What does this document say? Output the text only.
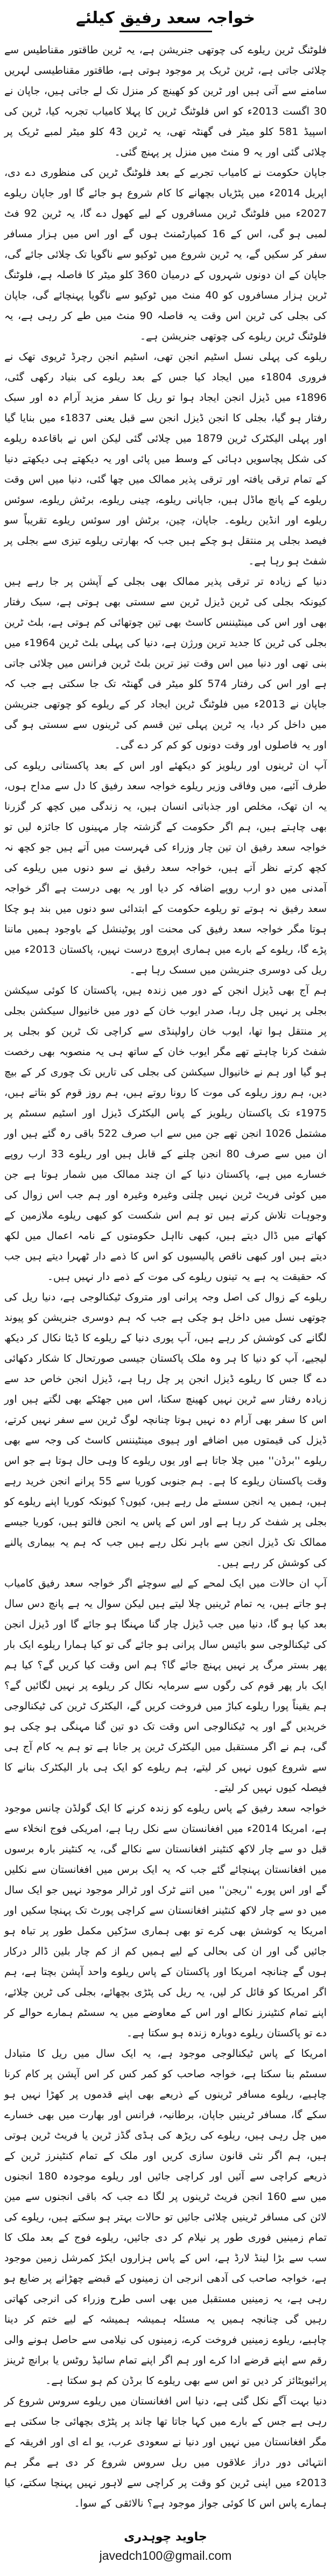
خواجہ سعد رفیق کیلئے

فلوٹنگ ٹرین ریلوے کی چوتھی جنریشن ہے، یہ ٹرین طاقتور مقناطیس سے چلائی جاتی ہے، ٹرین ٹریک پر موجود ہوتی ہے، طاقتور مقناطیسی لہریں سامنے سے آتی ہیں اور ٹرین کو کھینچ کر منزل تک لے جاتی ہیں، جاپان نے 30 اگست 2013ء کو اس فلوٹنگ ٹرین کا پہلا کامیاب تجربہ کیا، ٹرین کی اسپیڈ 581 کلو میٹر فی گھنٹہ تھی، یہ ٹرین 43 کلو میٹر لمبے ٹریک پر چلائی گئی اور یہ 9 منٹ میں منزل پر پہنچ گئی۔

جاپان حکومت نے کامیاب تجربے کے بعد فلوٹنگ ٹرین کی منظوری دے دی، اپریل 2014ء میں پٹڑیاں بچھانے کا کام شروع ہو جائے گا اور جاپان ریلوے 2027ء میں فلوٹنگ ٹرین مسافروں کے لیے کھول دے گا، یہ ٹرین 92 فٹ لمبی ہو گی، اس کے 16 کمپارٹمنٹ ہوں گے اور اس میں ہزار مسافر سفر کر سکیں گے، یہ ٹرین شروع میں ٹوکیو سے ناگویا تک چلائی جائے گی، جاپان کے ان دونوں شہروں کے درمیان 360 کلو میٹر کا فاصلہ ہے، فلوٹنگ ٹرین ہزار مسافروں کو 40 منٹ میں ٹوکیو سے ناگویا پہنچائے گی، جاپان کی بجلی کی ٹرین اس وقت یہ فاصلہ 90 منٹ میں طے کر رہی ہے، یہ فلوٹنگ ٹرین ریلوے کی چوتھی جنریشن ہے۔

ریلوے کی پہلی نسل اسٹیم انجن تھی، اسٹیم انجن رچرڈ ٹریوی تھک نے فروری 1804ء میں ایجاد کیا جس کے بعد ریلوے کی بنیاد رکھی گئی، 1896ء میں ڈیزل انجن ایجاد ہوا تو ریل کا سفر مزید آرام دہ اور سبک رفتار ہو گیا، بجلی کا انجن ڈیزل انجن سے قبل یعنی 1837ء میں بنایا گیا اور پہلی الیکٹرک ٹرین 1879 میں چلائی گئی لیکن اس نے باقاعدہ ریلوے کی شکل پچاسویں دہائی کے وسط میں پائی اور یہ دیکھتے ہی دیکھتے دنیا کے تمام ترقی یافتہ اور ترقی پذیر ممالک میں چھا گئی، دنیا میں اس وقت ریلوے کے پانچ ماڈل ہیں، جاپانی ریلوے، چینی ریلوے، برٹش ریلوے، سوئس ریلوے اور انڈین ریلوے۔ جاپان، چین، برٹش اور سوئس ریلوے تقریباً سو فیصد بجلی پر منتقل ہو چکے ہیں جب کہ بھارتی ریلوے تیزی سے بجلی پر شفٹ ہو رہا ہے۔

دنیا کے زیادہ تر ترقی پذیر ممالک بھی بجلی کے آپشن پر جا رہے ہیں کیونکہ بجلی کی ٹرین ڈیزل ٹرین سے سستی بھی ہوتی ہے، سبک رفتار بھی اور اس کی مینٹیننس کاسٹ بھی تین چوتھائی کم ہوتی ہے، بلٹ ٹرین بجلی کی ٹرین کا جدید ترین ورژن ہے، دنیا کی پہلی بلٹ ٹرین 1964ء میں بنی تھی اور دنیا میں اس وقت تیز ترین بلٹ ٹرین فرانس میں چلائی جاتی ہے اور اس کی رفتار 574 کلو میٹر فی گھنٹہ تک جا سکتی ہے جب کہ جاپان نے 2013ء میں فلوٹنگ ٹرین ایجاد کر کے ریلوے کو چوتھی جنریشن میں داخل کر دیا، یہ ٹرین پہلی تین قسم کی ٹرینوں سے سستی ہو گی اور یہ فاصلوں اور وقت دونوں کو کم کر دے گی۔

آپ ان ٹرینوں اور ریلویز کو دیکھئے اور اس کے بعد پاکستانی ریلوے کی طرف آئیے، میں وفاقی وزیر ریلوے خواجہ سعد رفیق کا دل سے مداح ہوں، یہ ان تھک، مخلص اور جذباتی انسان ہیں، یہ زندگی میں کچھ کر گزرنا بھی چاہتے ہیں، ہم اگر حکومت کے گزشتہ چار مہینوں کا جائزہ لیں تو خواجہ سعد رفیق ان تین چار وزراء کی فہرست میں آتے ہیں جو کچھ نہ کچھ کرتے نظر آتے ہیں، خواجہ سعد رفیق نے سو دنوں میں ریلوے کی آمدنی میں دو ارب روپے اضافہ کر دیا اور یہ بھی درست ہے اگر خواجہ سعد رفیق نہ ہوتے تو ریلوے حکومت کے ابتدائی سو دنوں میں بند ہو چکا ہوتا مگر خواجہ سعد رفیق کی محنت اور پوٹینشل کے باوجود ہمیں ماننا پڑے گا، ریلوے کے بارے میں ہماری اپروچ درست نہیں، پاکستان 2013ء میں ریل کی دوسری جنریشن میں سسک رہا ہے۔

ہم آج بھی ڈیزل انجن کے دور میں زندہ ہیں، پاکستان کا کوئی سیکشن بجلی پر نہیں چل رہا، صدر ایوب خان کے دور میں خانیوال سیکشن بجلی پر منتقل ہوا تھا، ایوب خان راولپنڈی سے کراچی تک ٹرین کو بجلی پر شفٹ کرنا چاہتے تھے مگر ایوب خان کے ساتھ ہی یہ منصوبہ بھی رخصت ہو گیا اور ہم نے خانیوال سیکشن کی بجلی کی تاریں تک چوری کر کے بیچ دیں، ہم روز ریلوے کی موت کا رونا روتے ہیں، ہم روز قوم کو بتاتے ہیں، 1975ء تک پاکستان ریلویز کے پاس الیکٹرک ڈیزل اور اسٹیم سسٹم پر مشتمل 1026 انجن تھے جن میں سے اب صرف 522 باقی رہ گئے ہیں اور ان میں سے صرف 80 انجن چلنے کے قابل ہیں اور ریلوے 33 ارب روپے خسارے میں ہے، پاکستان دنیا کے ان چند ممالک میں شمار ہوتا ہے جن میں کوئی فریٹ ٹرین نہیں چلتی وغیرہ وغیرہ اور ہم جب اس زوال کی وجوہات تلاش کرتے ہیں تو ہم اس شکست کو کبھی ریلوے ملازمین کے کھاتے میں ڈال دیتے ہیں، کبھی نااہل حکومتوں کے نامہ اعمال میں لکھ دیتے ہیں اور کبھی ناقص پالیسیوں کو اس کا ذمے دار ٹھہرا دیتے ہیں جب کہ حقیقت یہ ہے یہ تینوں ریلوے کی موت کے ذمے دار نہیں ہیں۔

ریلوے کے زوال کی اصل وجہ پرانی اور متروک ٹیکنالوجی ہے، دنیا ریل کی چوتھی نسل میں داخل ہو چکی ہے جب کہ ہم دوسری جنریشن کو پیوند لگانے کی کوشش کر رہے ہیں، آپ پوری دنیا کے ریلوے کا ڈیٹا نکال کر دیکھ لیجیے، آپ کو دنیا کا ہر وہ ملک پاکستان جیسی صورتحال کا شکار دکھائی دے گا جس کا ریلوے ڈیزل انجن پر چل رہا ہے، ڈیزل انجن خاص حد سے زیادہ رفتار سے ٹرین نہیں کھینچ سکتا، اس میں جھٹکے بھی لگتے ہیں اور اس کا سفر بھی آرام دہ نہیں ہوتا چنانچہ لوگ ٹرین سے سفر نہیں کرتے، ڈیزل کی قیمتوں میں اضافے اور ہیوی مینٹیننس کاسٹ کی وجہ سے بھی ریلوے ''برڈن'' میں چلا جاتا ہے اور یوں ریلوے کا وہی حال ہوتا ہے جو اس وقت پاکستان ریلوے کا ہے۔ ہم جنوبی کوریا سے 55 پرانے انجن خرید رہے ہیں، ہمیں یہ انجن سستے مل رہے ہیں، کیوں؟ کیونکہ کوریا اپنے ریلوے کو بجلی پر شفٹ کر رہا ہے اور اس کے پاس یہ انجن فالتو ہیں، کوریا جیسے ممالک تک ڈیزل انجن سے باہر نکل رہے ہیں جب کہ ہم یہ بیماری پالنے کی کوشش کر رہے ہیں۔

آپ ان حالات میں ایک لمحے کے لیے سوچئے اگر خواجہ سعد رفیق کامیاب ہو جاتے ہیں، یہ تمام ٹرینیں چلا لیتے ہیں لیکن سوال یہ ہے پانچ دس سال بعد کیا ہو گا، دنیا میں جب ڈیزل چار گنا مہنگا ہو جائے گا اور ڈیزل انجن کی ٹیکنالوجی سو بائیس سال پرانی ہو جائے گی تو کیا ہمارا ریلوے ایک بار پھر بستر مرگ پر نہیں پہنچ جائے گا؟ ہم اس وقت کیا کریں گے؟ کیا ہم ایک بار پھر قوم کی رگوں سے سرمایہ نکال کر ریلوے پر نہیں لگائیں گے؟ ہم یقیناً پورا ریلوے کباڑ میں فروخت کریں گے، الیکٹرک ٹرین کی ٹیکنالوجی خریدیں گے اور یہ ٹیکنالوجی اس وقت تک دو تین گنا مہنگی ہو چکی ہو گی، ہم نے اگر مستقبل میں الیکٹرک ٹرین پر جانا ہے تو ہم یہ کام آج ہی سے شروع کیوں نہیں کر لیتے، ہم ریلوے کو ایک ہی بار الیکٹرک بنانے کا فیصلہ کیوں نہیں کر لیتے۔

خواجہ سعد رفیق کے پاس ریلوے کو زندہ کرنے کا ایک گولڈن چانس موجود ہے، امریکا 2014ء میں افغانستان سے نکل رہا ہے، امریکی فوج انخلاء سے قبل دو سے چار لاکھ کنٹینر افغانستان سے نکالے گی، یہ کنٹینر بارہ برسوں میں افغانستان پہنچائے گئے جب کہ یہ ایک برس میں افغانستان سے نکلیں گے اور اس پورے ''ریجن'' میں اتنے ٹرک اور ٹرالر موجود نہیں جو ایک سال میں دو سے چار لاکھ کنٹینر افغانستان سے کراچی پورٹ تک پہنچا سکیں اور امریکا یہ کوشش بھی کرے تو بھی ہماری سڑکیں مکمل طور پر تباہ ہو جائیں گی اور ان کی بحالی کے لیے ہمیں کم از کم چار بلین ڈالر درکار ہوں گے چنانچہ امریکا اور پاکستان کے پاس ریلوے واحد آپشن بچتا ہے، ہم اگر امریکا کو قائل کر لیں، یہ ریل کی پٹڑی بچھائے، بجلی کی ٹرین چلائے، اپنے تمام کنٹینرز نکالے اور اس کے معاوضے میں یہ سسٹم ہمارے حوالے کر دے تو پاکستان ریلوے دوبارہ زندہ ہو سکتا ہے۔

امریکا کے پاس ٹیکنالوجی موجود ہے، یہ ایک سال میں ریل کا متبادل سسٹم بنا سکتا ہے، خواجہ صاحب کو کمر کس کر اس آپشن پر کام کرنا چاہیے، ریلوے مسافر ٹرینوں کے ذریعے بھی اپنے قدموں پر کھڑا نہیں ہو سکے گا، مسافر ٹرینیں جاپان، برطانیہ، فرانس اور بھارت میں بھی خسارے میں چل رہی ہیں، ریلوے کی ریڑھ کی ہڈی گڈز ٹرین یا فریٹ ٹرین ہوتی ہیں، ہم اگر نئی قانون سازی کریں اور ملک کے تمام کنٹینرز ٹرین کے ذریعے کراچی سے آئیں اور کراچی جائیں اور ریلوے موجودہ 180 انجنوں میں سے 160 انجن فریٹ ٹرینوں پر لگا دے جب کہ باقی انجنوں سے مین لائن کی مسافر ٹرینیں چلائی جائیں تو حالات بہتر ہو سکتے ہیں، ریلوے کی تمام زمینیں فوری طور پر نیلام کر دی جائیں، ریلوے فوج کے بعد ملک کا سب سے بڑا لینڈ لارڈ ہے، اس کے پاس ہزاروں ایکڑ کمرشل زمین موجود ہے، خواجہ صاحب کی آدھی انرجی ان زمینوں کے قبضے چھڑانے پر ضایع ہو رہی ہے، یہ زمینیں مستقبل میں بھی اسی طرح وزراء کی انرجی کھاتی رہیں گی چنانچہ ہمیں یہ مسئلہ ہمیشہ ہمیشہ کے لیے ختم کر دینا چاہیے، ریلوے زمینیں فروخت کرے، زمینوں کی نیلامی سے حاصل ہونے والی رقم سے اپنے قرضے ادا کرے اور ہم اگر اپنے تمام سائیڈ روٹس یا برانچ ٹرینز پرائیویٹائز کر دیں تو اس سے بھی ریلوے کا برڈن کم ہو سکتا ہے۔

دنیا بہت آگے نکل گئی ہے، دنیا اس افغانستان میں ریلوے سروس شروع کر رہی ہے جس کے بارے میں کہا جاتا تھا چاند پر پٹڑی بچھائی جا سکتی ہے مگر افغانستان میں نہیں اور دنیا نے سعودی عرب، یو اے ای اور افریقہ کے انتہائی دور دراز علاقوں میں ریل سروس شروع کر دی ہے مگر ہم 2013ء میں اپنی ٹرین کو وقت پر کراچی سے لاہور نہیں پہنچا سکتے، کیا ہمارے پاس اس کا کوئی جواز موجود ہے؟ نالائقی کے سوا۔

جاوید چوہدری
javedch100@gmail.com
